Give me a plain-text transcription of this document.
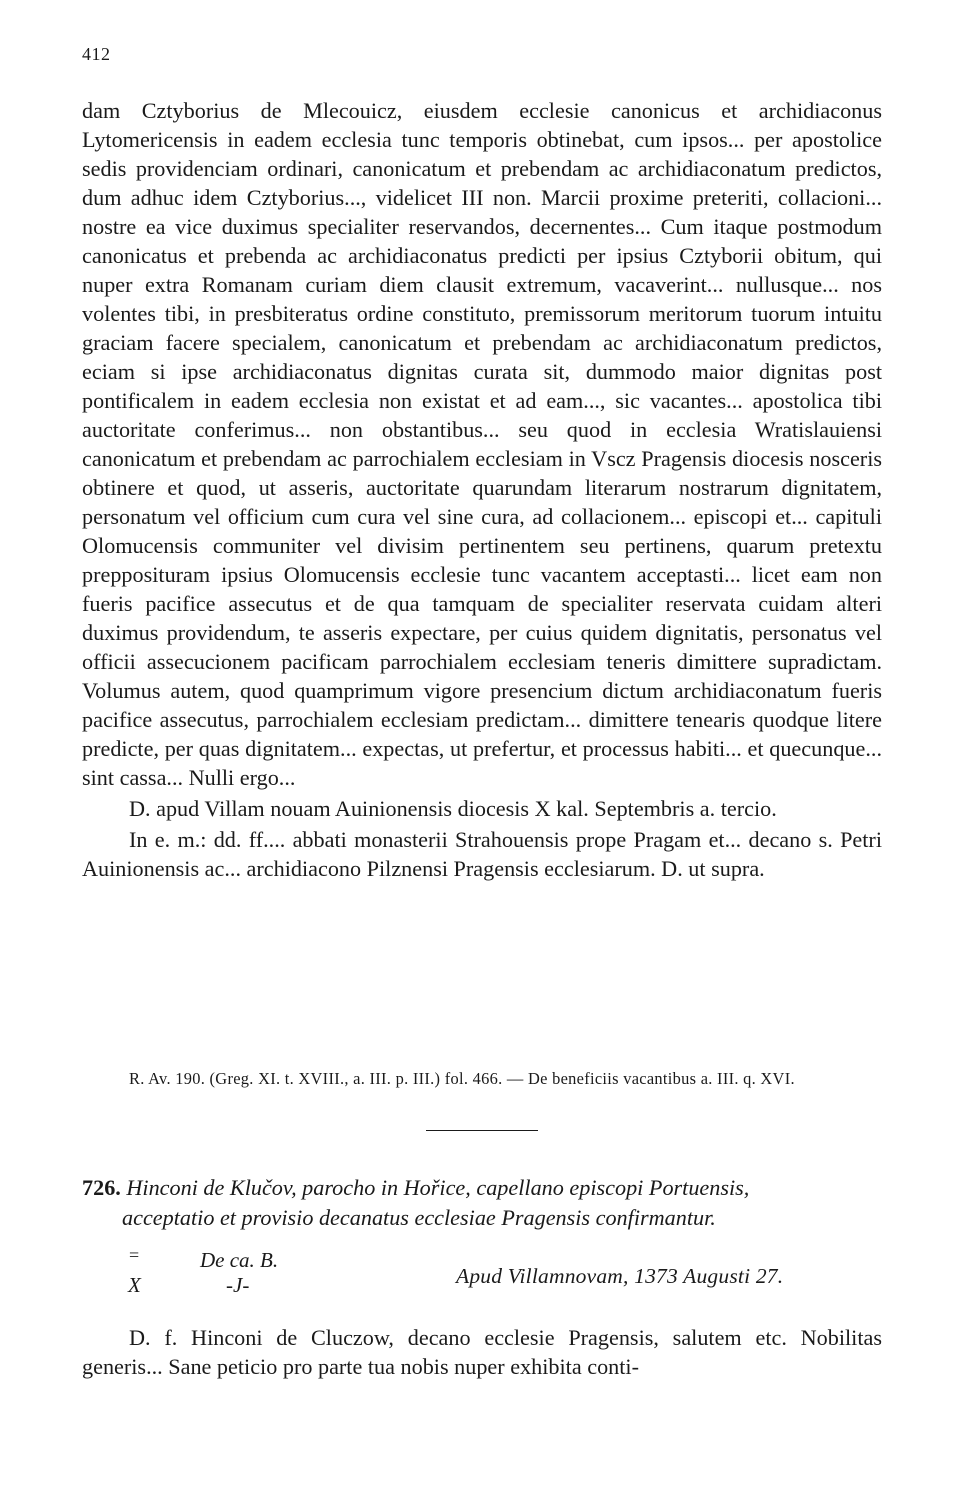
412

dam Cztyborius de Mlecouicz, eiusdem ecclesie canonicus et archidiaconus Lytomericensis in eadem ecclesia tunc temporis obtinebat, cum ipsos... per apostolice sedis providenciam ordinari, canonicatum et prebendam ac archidiaconatum predictos, dum adhuc idem Cztyborius..., videlicet III non. Marcii proxime preteriti, collacioni... nostre ea vice duximus specialiter reservandos, decernentes... Cum itaque postmodum canonicatus et prebenda ac archidiaconatus predicti per ipsius Cztyborii obitum, qui nuper extra Romanam curiam diem clausit extremum, vacaverint... nullusque... nos volentes tibi, in presbiteratus ordine constituto, premissorum meritorum tuorum intuitu graciam facere specialem, canonicatum et prebendam ac archidiaconatum predictos, eciam si ipse archidiaconatus dignitas curata sit, dummodo maior dignitas post pontificalem in eadem ecclesia non existat et ad eam..., sic vacantes... apostolica tibi auctoritate conferimus... non obstantibus... seu quod in ecclesia Wratislauiensi canonicatum et prebendam ac parrochialem ecclesiam in Vscz Pragensis diocesis nosceris obtinere et quod, ut asseris, auctoritate quarundam literarum nostrarum dignitatem, personatum vel officium cum cura vel sine cura, ad collacionem... episcopi et... capituli Olomucensis communiter vel divisim pertinentem seu pertinens, quarum pretextu prepposituram ipsius Olomucensis ecclesie tunc vacantem acceptasti... licet eam non fueris pacifice assecutus et de qua tamquam de specialiter reservata cuidam alteri duximus providendum, te asseris expectare, per cuius quidem dignitatis, personatus vel officii assecucionem pacificam parrochialem ecclesiam teneris dimittere supradictam. Volumus autem, quod quamprimum vigore presencium dictum archidiaconatum fueris pacifice assecutus, parrochialem ecclesiam predictam... dimittere tenearis quodque litere predicte, per quas dignitatem... expectas, ut prefertur, et processus habiti... et quecunque... sint cassa... Nulli ergo...

D. apud Villam nouam Auinionensis diocesis X kal. Septembris a. tercio.

In e. m.: dd. ff.... abbati monasterii Strahouensis prope Pragam et... decano s. Petri Auinionensis ac... archidiacono Pilznensi Pragensis ecclesiarum. D. ut supra.

R. Av. 190. (Greg. XI. t. XVIII., a. III. p. III.) fol. 466. — De beneficiis vacantibus a. III. q. XVI.

726. Hinconi de Klučov, parocho in Hořice, capellano episcopi Portuensis,
acceptatio et provisio decanatus ecclesiae Pragensis confirmantur.
=
X
De ca. B.
-J-	Apud Villamnovam, 1373 Augusti 27.

D. f. Hinconi de Cluczow, decano ecclesie Pragensis, salutem etc. Nobilitas generis... Sane peticio pro parte tua nobis nuper exhibita conti-
